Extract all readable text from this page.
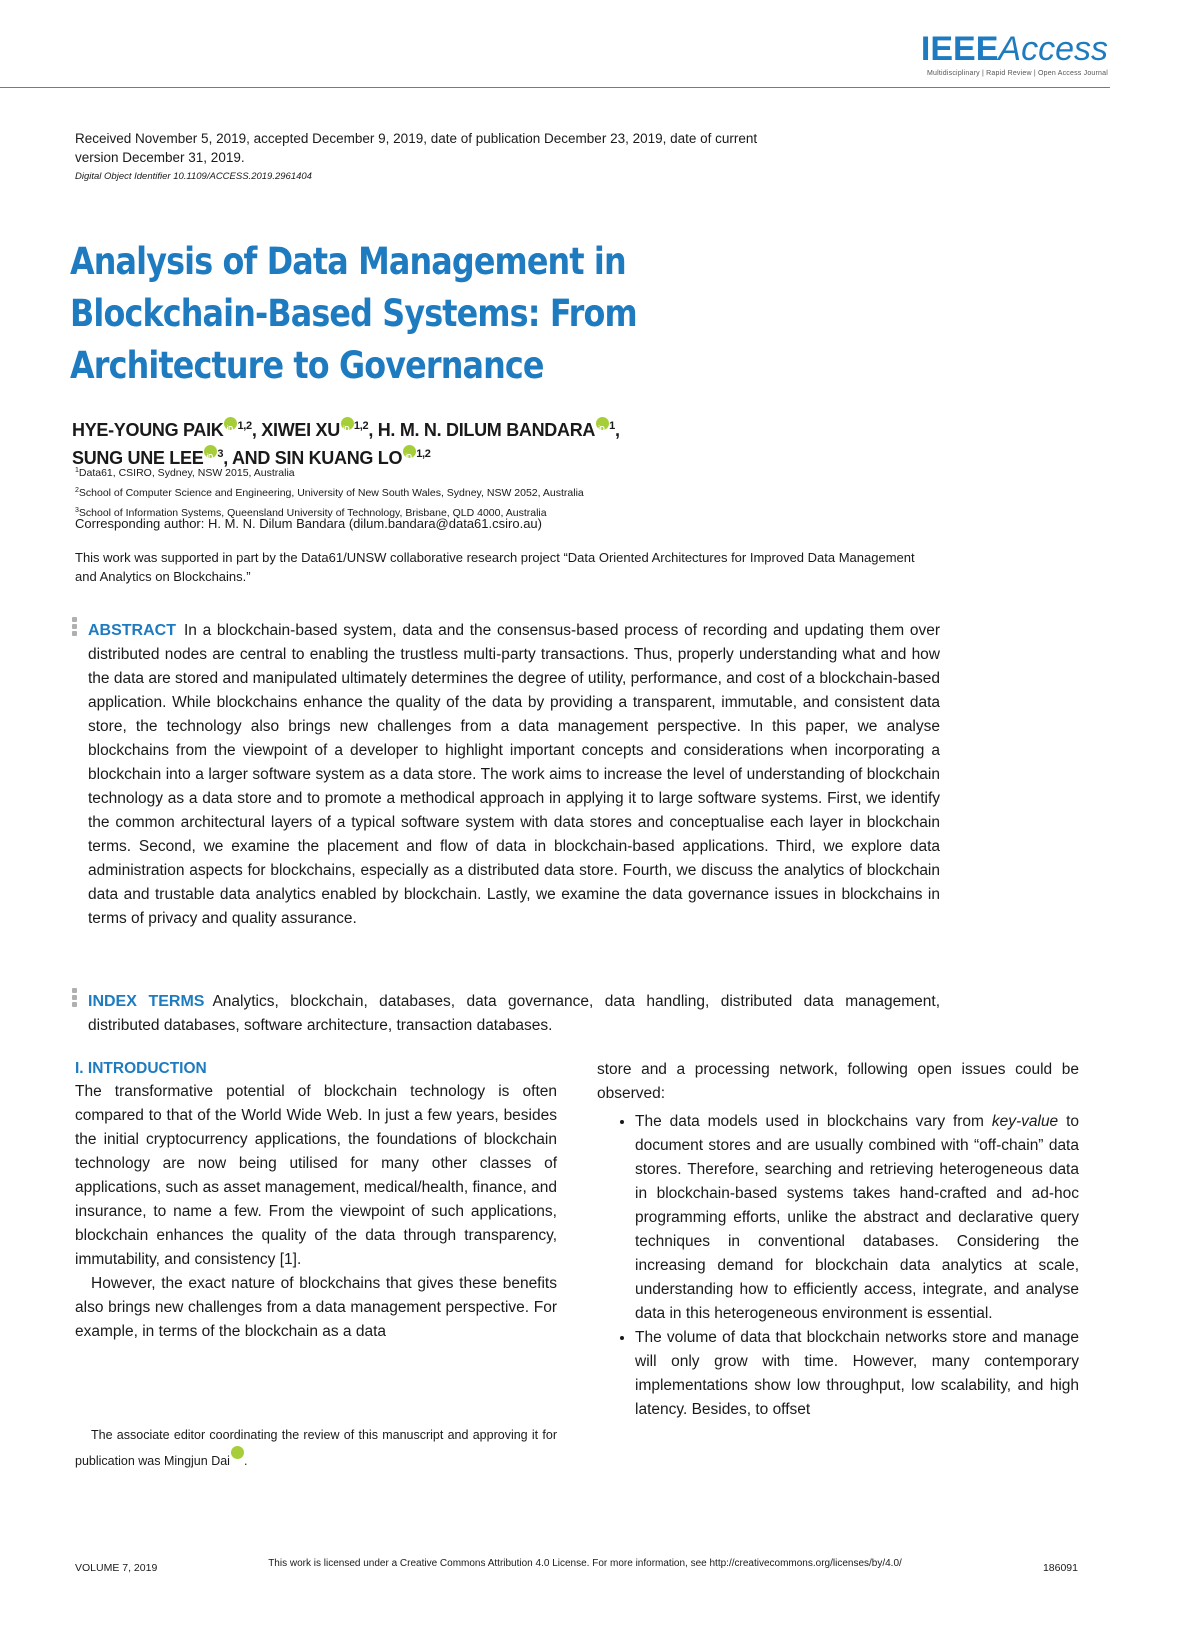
IEEEAccess
Multidisciplinary | Rapid Review | Open Access Journal
Received November 5, 2019, accepted December 9, 2019, date of publication December 23, 2019, date of current version December 31, 2019.
Digital Object Identifier 10.1109/ACCESS.2019.2961404
Analysis of Data Management in Blockchain-Based Systems: From Architecture to Governance
HYE-YOUNG PAIK iD $^{1,2}$, XIWEI XU iD $^{1,2}$, H. M. N. DILUM BANDARA iD $^1$,
SUNG UNE LEE iD $^3$, AND SIN KUANG LO iD $^{1,2}$
$^1$Data61, CSIRO, Sydney, NSW 2015, Australia
$^2$School of Computer Science and Engineering, University of New South Wales, Sydney, NSW 2052, Australia
$^3$School of Information Systems, Queensland University of Technology, Brisbane, QLD 4000, Australia
Corresponding author: H. M. N. Dilum Bandara (dilum.bandara@data61.csiro.au)
This work was supported in part by the Data61/UNSW collaborative research project “Data Oriented Architectures for Improved Data Management and Analytics on Blockchains.”
ABSTRACT In a blockchain-based system, data and the consensus-based process of recording and updating them over distributed nodes are central to enabling the trustless multi-party transactions. Thus, properly understanding what and how the data are stored and manipulated ultimately determines the degree of utility, performance, and cost of a blockchain-based application. While blockchains enhance the quality of the data by providing a transparent, immutable, and consistent data store, the technology also brings new challenges from a data management perspective. In this paper, we analyse blockchains from the viewpoint of a developer to highlight important concepts and considerations when incorporating a blockchain into a larger software system as a data store. The work aims to increase the level of understanding of blockchain technology as a data store and to promote a methodical approach in applying it to large software systems. First, we identify the common architectural layers of a typical software system with data stores and conceptualise each layer in blockchain terms. Second, we examine the placement and flow of data in blockchain-based applications. Third, we explore data administration aspects for blockchains, especially as a distributed data store. Fourth, we discuss the analytics of blockchain data and trustable data analytics enabled by blockchain. Lastly, we examine the data governance issues in blockchains in terms of privacy and quality assurance.
INDEX TERMS Analytics, blockchain, databases, data governance, data handling, distributed data management, distributed databases, software architecture, transaction databases.
I. INTRODUCTION

The transformative potential of blockchain technology is often compared to that of the World Wide Web. In just a few years, besides the initial cryptocurrency applications, the foundations of blockchain technology are now being utilised for many other classes of applications, such as asset management, medical/health, finance, and insurance, to name a few. From the viewpoint of such applications, blockchain enhances the quality of the data through transparency, immutability, and consistency [1].

However, the exact nature of blockchains that gives these benefits also brings new challenges from a data management perspective. For example, in terms of the blockchain as a data

store and a processing network, following open issues could be observed:

• The data models used in blockchains vary from key-value to document stores and are usually combined with “off-chain” data stores. Therefore, searching and retrieving heterogeneous data in blockchain-based systems takes hand-crafted and ad-hoc programming efforts, unlike the abstract and declarative query techniques in conventional databases. Considering the increasing demand for blockchain data analytics at scale, understanding how to efficiently access, integrate, and analyse data in this heterogeneous environment is essential.
• The volume of data that blockchain networks store and manage will only grow with time. However, many contemporary implementations show low throughput, low scalability, and high latency. Besides, to offset
The associate editor coordinating the review of this manuscript and approving it for publication was Mingjun DaiiD
VOLUME 7, 2019	This work is licensed under a Creative Commons Attribution 4.0 License. For more information, see http://creativecommons.org/licenses/by/4.0/	186091
